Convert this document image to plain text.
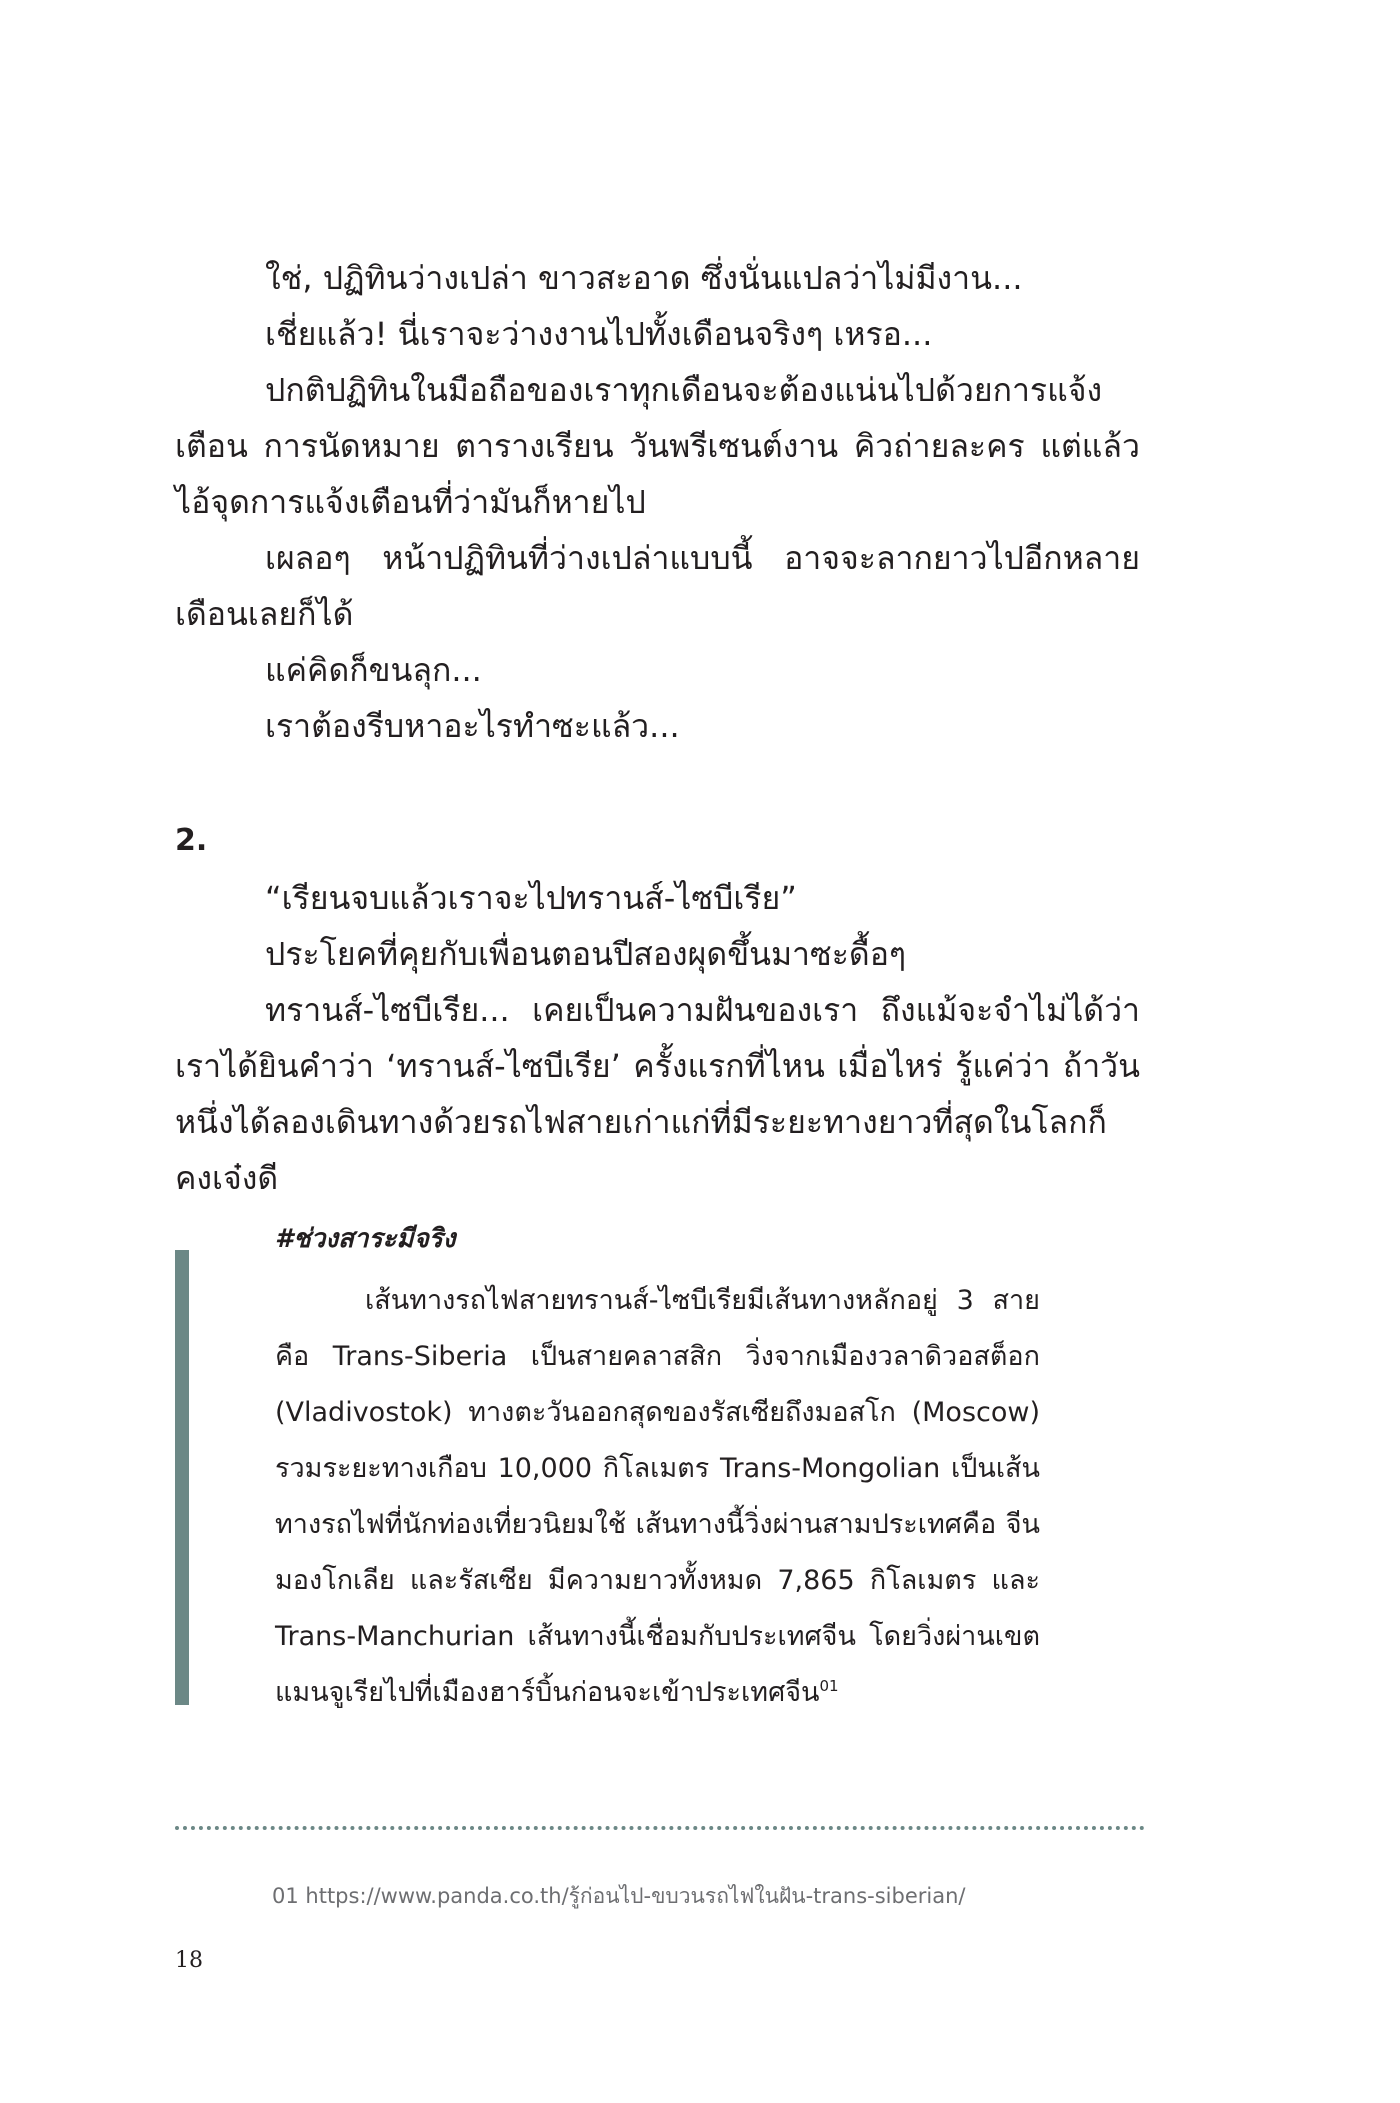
ใช่, ปฏิทินว่างเปล่า ขาวสะอาด ซึ่งนั่นแปลว่าไม่มีงาน...

เชี่ยแล้ว! นี่เราจะว่างงานไปทั้งเดือนจริงๆ เหรอ...

ปกติปฏิทินในมือถือของเราทุกเดือนจะต้องแน่นไปด้วยการแจ้งเตือน การนัดหมาย ตารางเรียน วันพรีเซนต์งาน คิวถ่ายละคร แต่แล้วไอ้จุดการแจ้งเตือนที่ว่ามันก็หายไป

เผลอๆ หน้าปฏิทินที่ว่างเปล่าแบบนี้ อาจจะลากยาวไปอีกหลายเดือนเลยก็ได้

แค่คิดก็ขนลุก...

เราต้องรีบหาอะไรทำซะแล้ว...

2.

“เรียนจบแล้วเราจะไปทรานส์-ไซบีเรีย”

ประโยคที่คุยกับเพื่อนตอนปีสองผุดขึ้นมาซะดื้อๆ

ทรานส์-ไซบีเรีย... เคยเป็นความฝันของเรา ถึงแม้จะจำไม่ได้ว่าเราได้ยินคำว่า ‘ทรานส์-ไซบีเรีย’ ครั้งแรกที่ไหน เมื่อไหร่ รู้แค่ว่า ถ้าวันหนึ่งได้ลองเดินทางด้วยรถไฟสายเก่าแก่ที่มีระยะทางยาวที่สุดในโลกก็คงเจ๋งดี

#ช่วงสาระมีจริง
เส้นทางรถไฟสายทรานส์-ไซบีเรียมีเส้นทางหลักอยู่ 3 สาย คือ Trans-Siberia เป็นสายคลาสสิก วิ่งจากเมืองวลาดิวอสต็อก (Vladivostok) ทางตะวันออกสุดของรัสเซียถึงมอสโก (Moscow) รวมระยะทางเกือบ 10,000 กิโลเมตร Trans-Mongolian เป็นเส้นทางรถไฟที่นักท่องเที่ยวนิยมใช้ เส้นทางนี้วิ่งผ่านสามประเทศคือ จีน มองโกเลีย และรัสเซีย มีความยาวทั้งหมด 7,865 กิโลเมตร และ Trans-Manchurian เส้นทางนี้เชื่อมกับประเทศจีน โดยวิ่งผ่านเขตแมนจูเรียไปที่เมืองฮาร์บิ้นก่อนจะเข้าประเทศจีน$^{01}$
01 https://www.panda.co.th/รู้ก่อนไป-ขบวนรถไฟในฝัน-trans-siberian/
18
